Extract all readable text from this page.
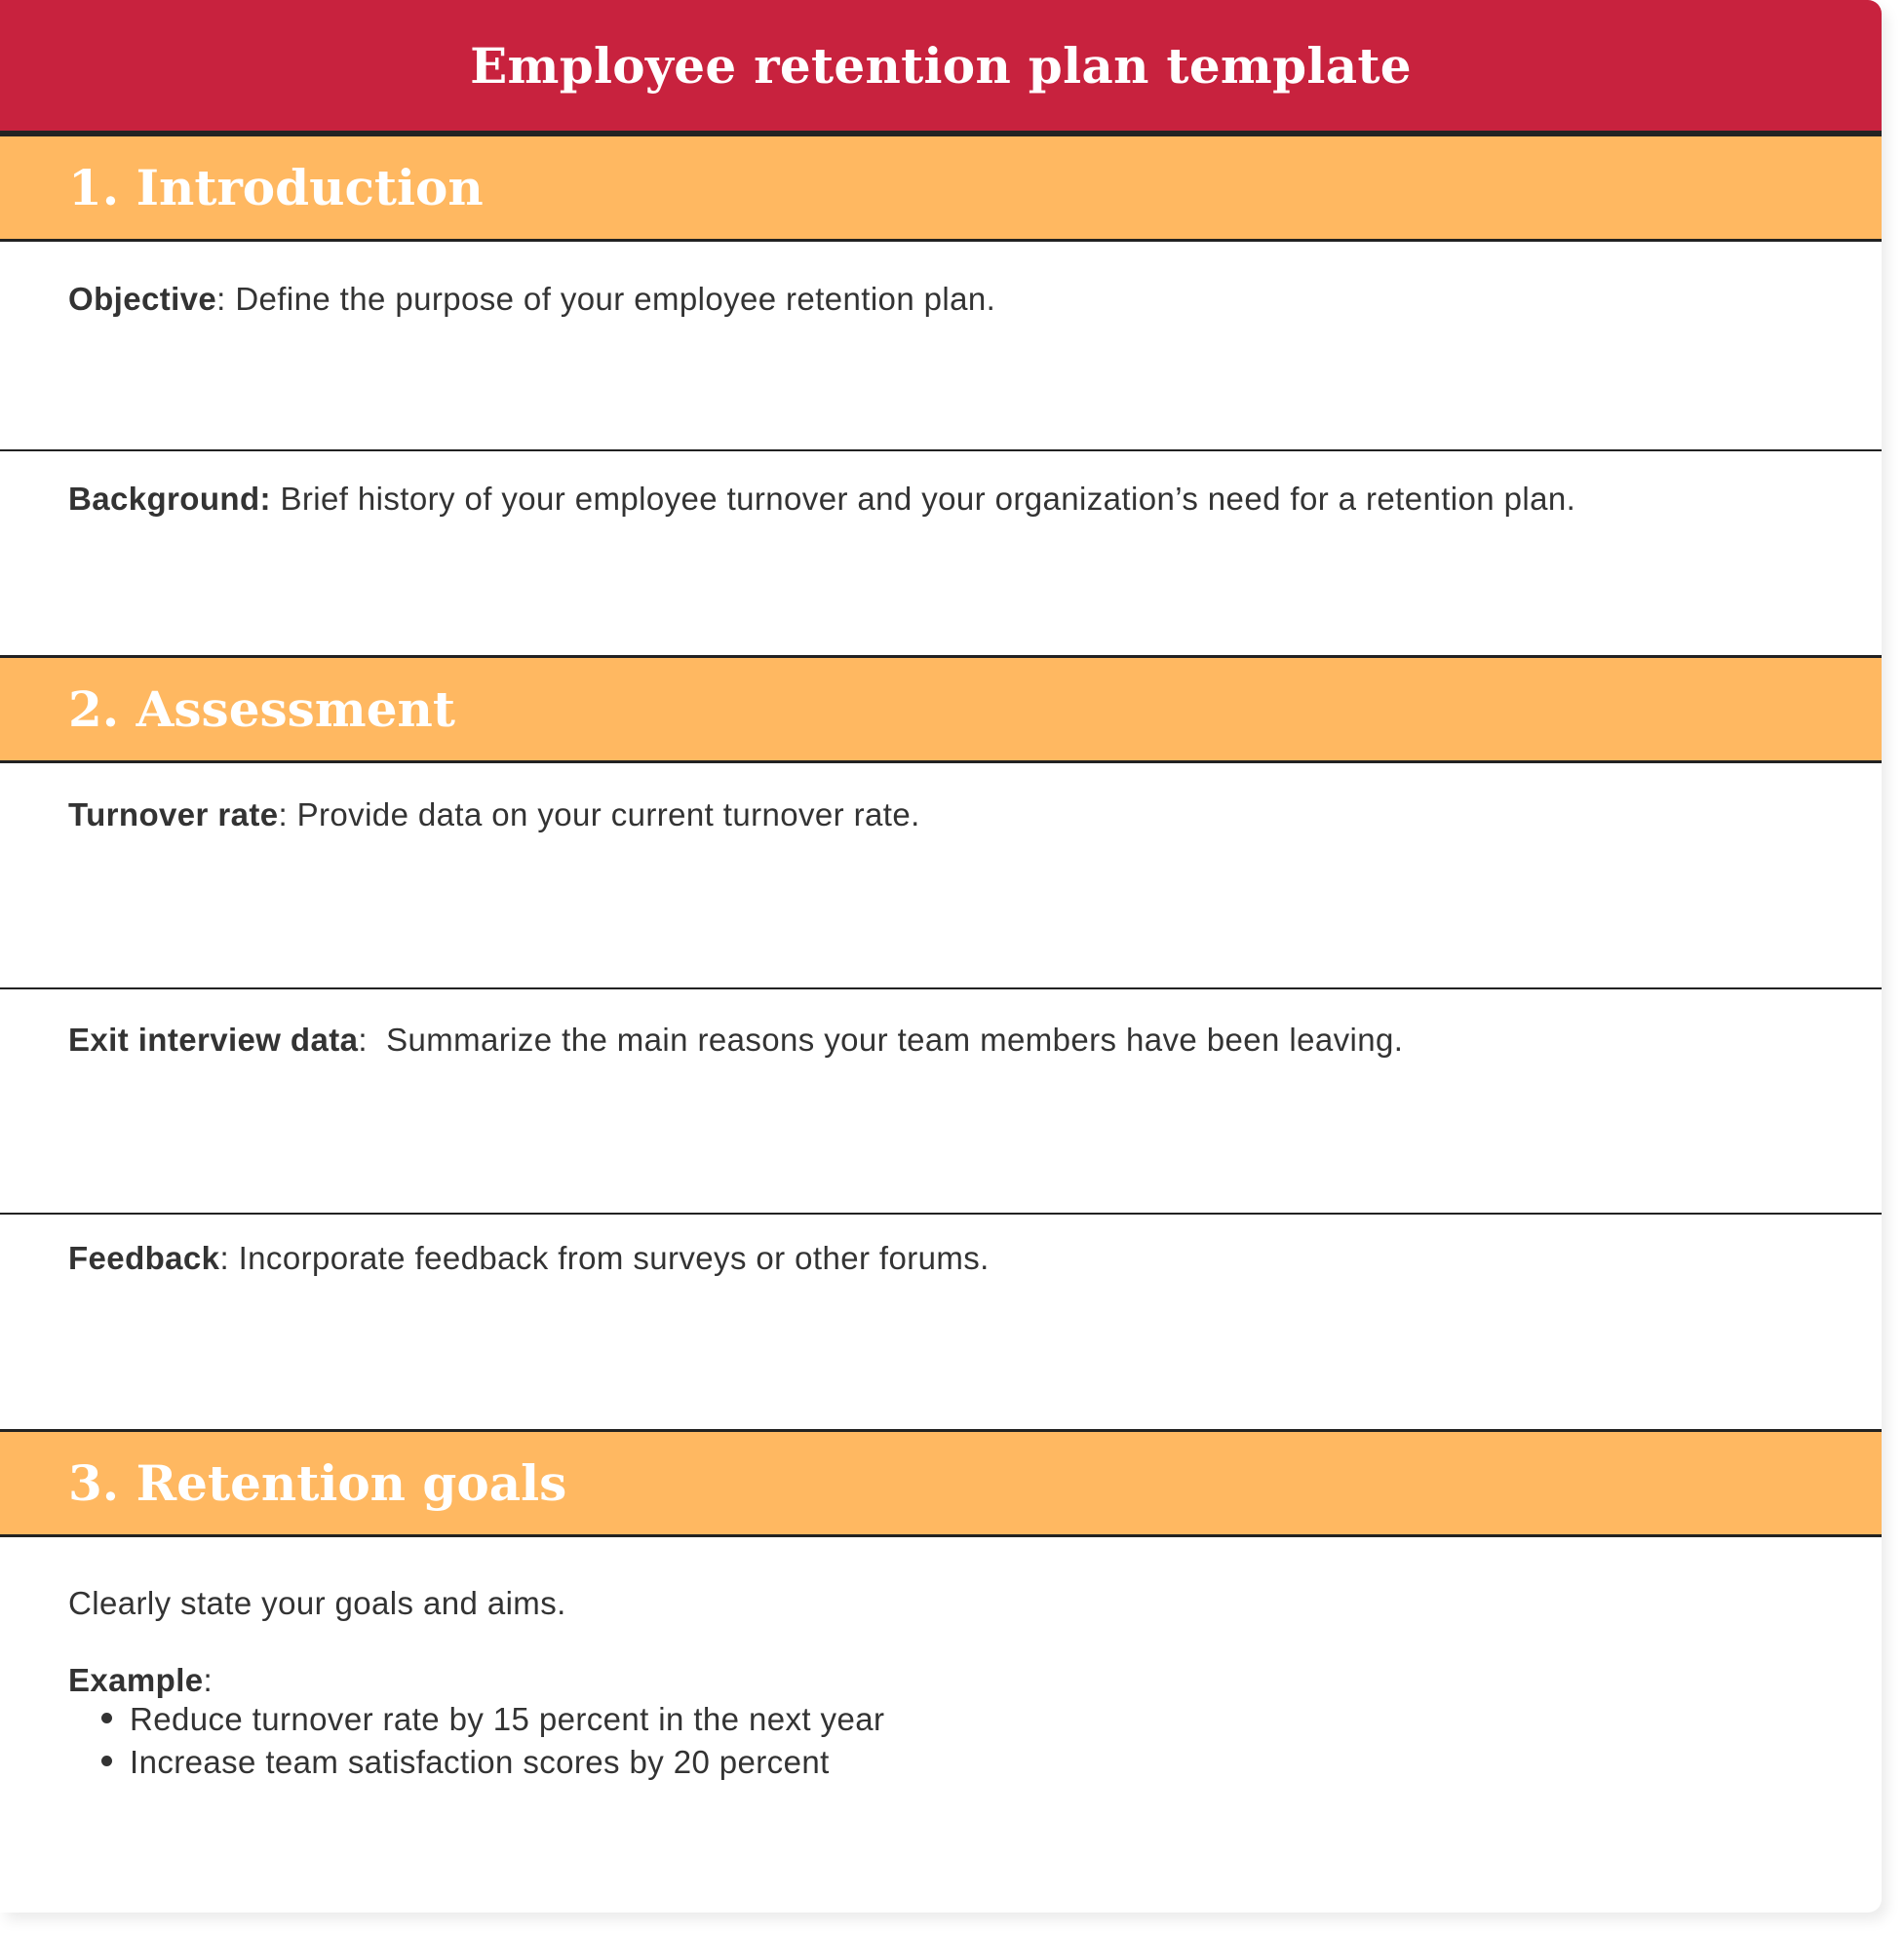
Employee retention plan template
1. Introduction
Objective: Define the purpose of your employee retention plan.
Background: Brief history of your employee turnover and your organization’s need for a retention plan.
2. Assessment
Turnover rate: Provide data on your current turnover rate.
Exit interview data:  Summarize the main reasons your team members have been leaving.
Feedback: Incorporate feedback from surveys or other forums.
3. Retention goals
Clearly state your goals and aims.
Example:
Reduce turnover rate by 15 percent in the next year
Increase team satisfaction scores by 20 percent
